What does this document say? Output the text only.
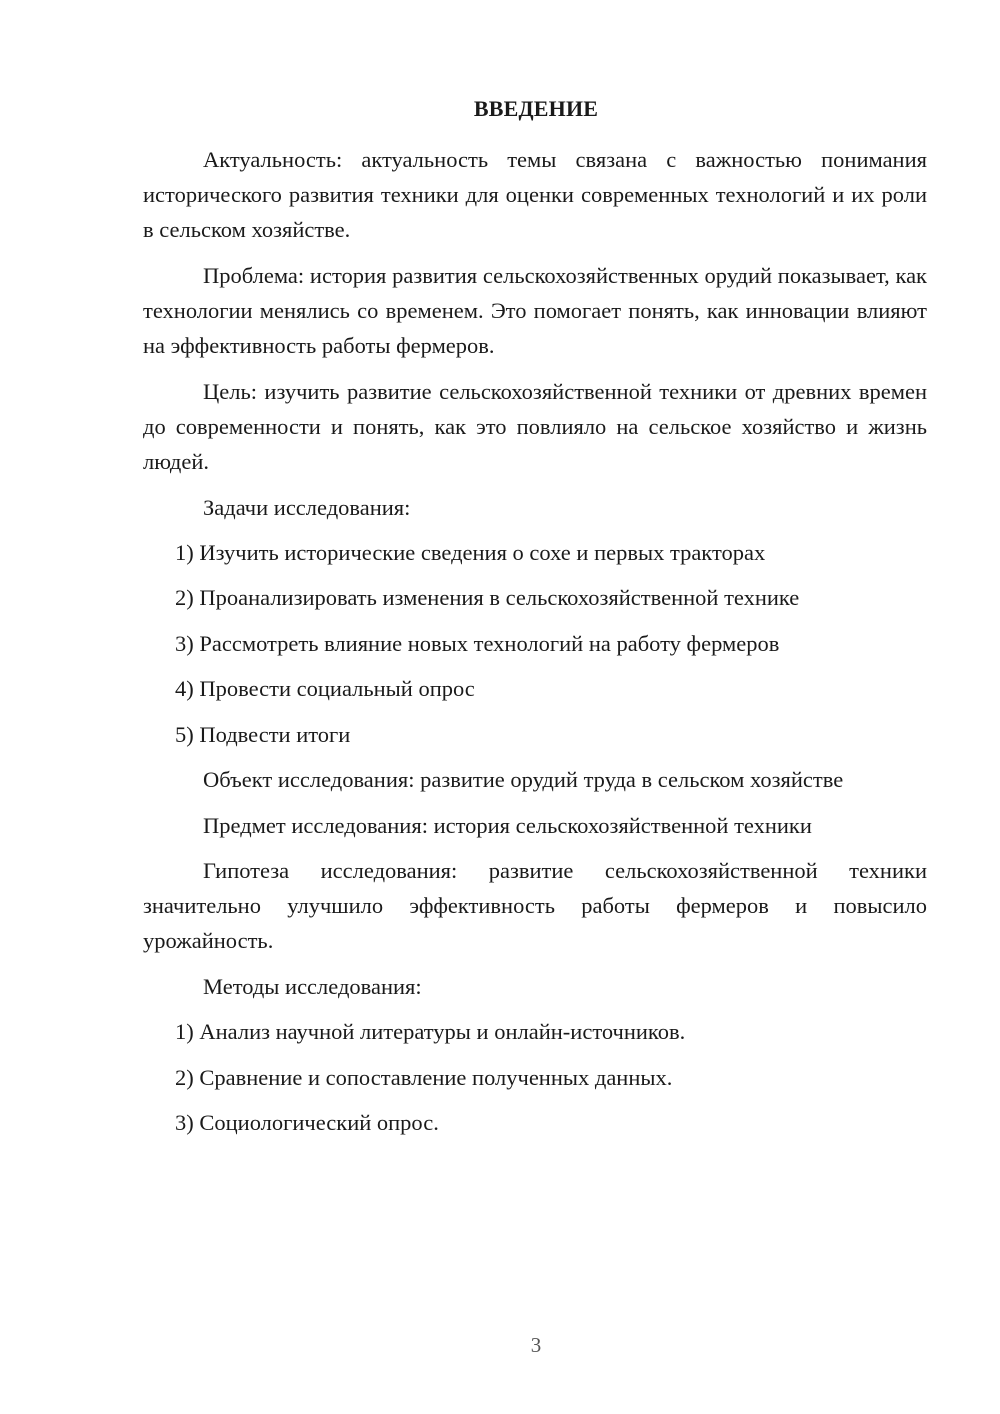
ВВЕДЕНИЕ

Актуальность: актуальность темы связана с важностью понимания исторического развития техники для оценки современных технологий и их роли в сельском хозяйстве.

Проблема: история развития сельскохозяйственных орудий показывает, как технологии менялись со временем. Это помогает понять, как инновации влияют на эффективность работы фермеров.

Цель: изучить развитие сельскохозяйственной техники от древних времен до современности и понять, как это повлияло на сельское хозяйство и жизнь людей.

Задачи исследования:
1) Изучить исторические сведения о сохе и первых тракторах
2) Проанализировать изменения в сельскохозяйственной технике
3) Рассмотреть влияние новых технологий на работу фермеров
4) Провести социальный опрос
5) Подвести итоги
Объект исследования: развитие орудий труда в сельском хозяйстве
Предмет исследования: история сельскохозяйственной техники

Гипотеза исследования: развитие сельскохозяйственной техники значительно улучшило эффективность работы фермеров и повысило урожайность.

Методы исследования:
1) Анализ научной литературы и онлайн-источников.
2) Сравнение и сопоставление полученных данных.
3) Социологический опрос.
3
